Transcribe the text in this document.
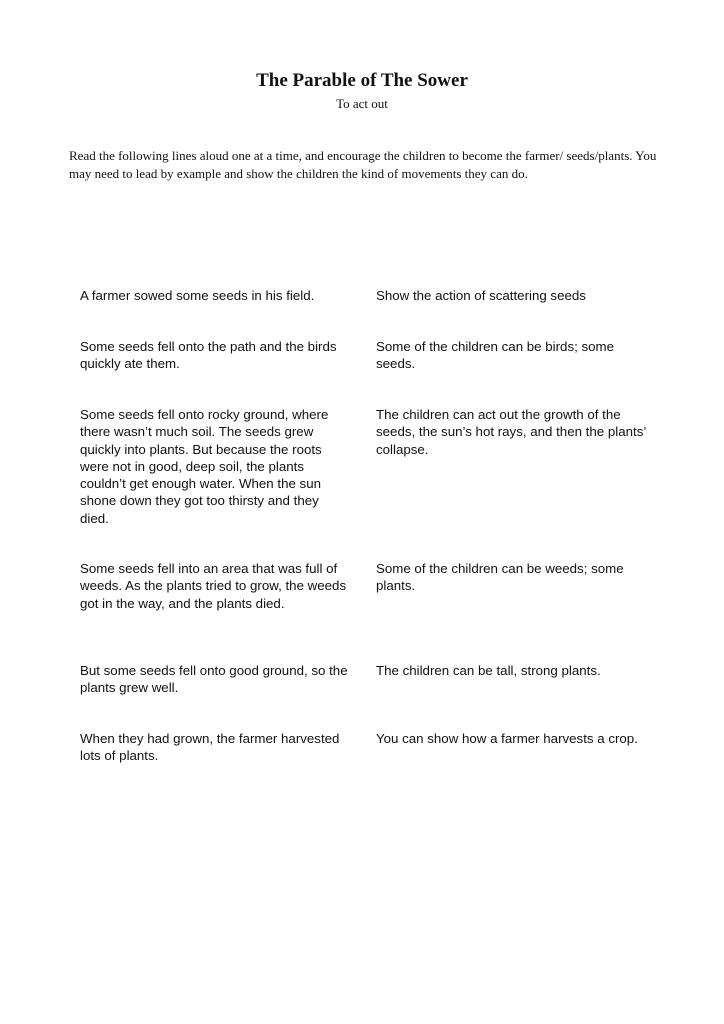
The Parable of The Sower

To act out

Read the following lines aloud one at a time, and encourage the children to become the farmer/ seeds/plants. You may need to lead by example and show the children the kind of movements they can do.

A farmer sowed some seeds in his field.	Show the action of scattering seeds

Some seeds fell onto the path and the birds quickly ate them.

Some of the children can be birds; some seeds.

Some seeds fell onto rocky ground, where there wasn’t much soil. The seeds grew quickly into plants. But because the roots were not in good, deep soil, the plants couldn’t get enough water. When the sun shone down they got too thirsty and they died.

The children can act out the growth of the seeds, the sun’s hot rays, and then the plants’ collapse.

Some seeds fell into an area that was full of weeds. As the plants tried to grow, the weeds got in the way, and the plants died.

Some of the children can be weeds; some plants.

But some seeds fell onto good ground, so the plants grew well.

The children can be tall, strong plants.

When they had grown, the farmer harvested lots of plants.

You can show how a farmer harvests a crop.
